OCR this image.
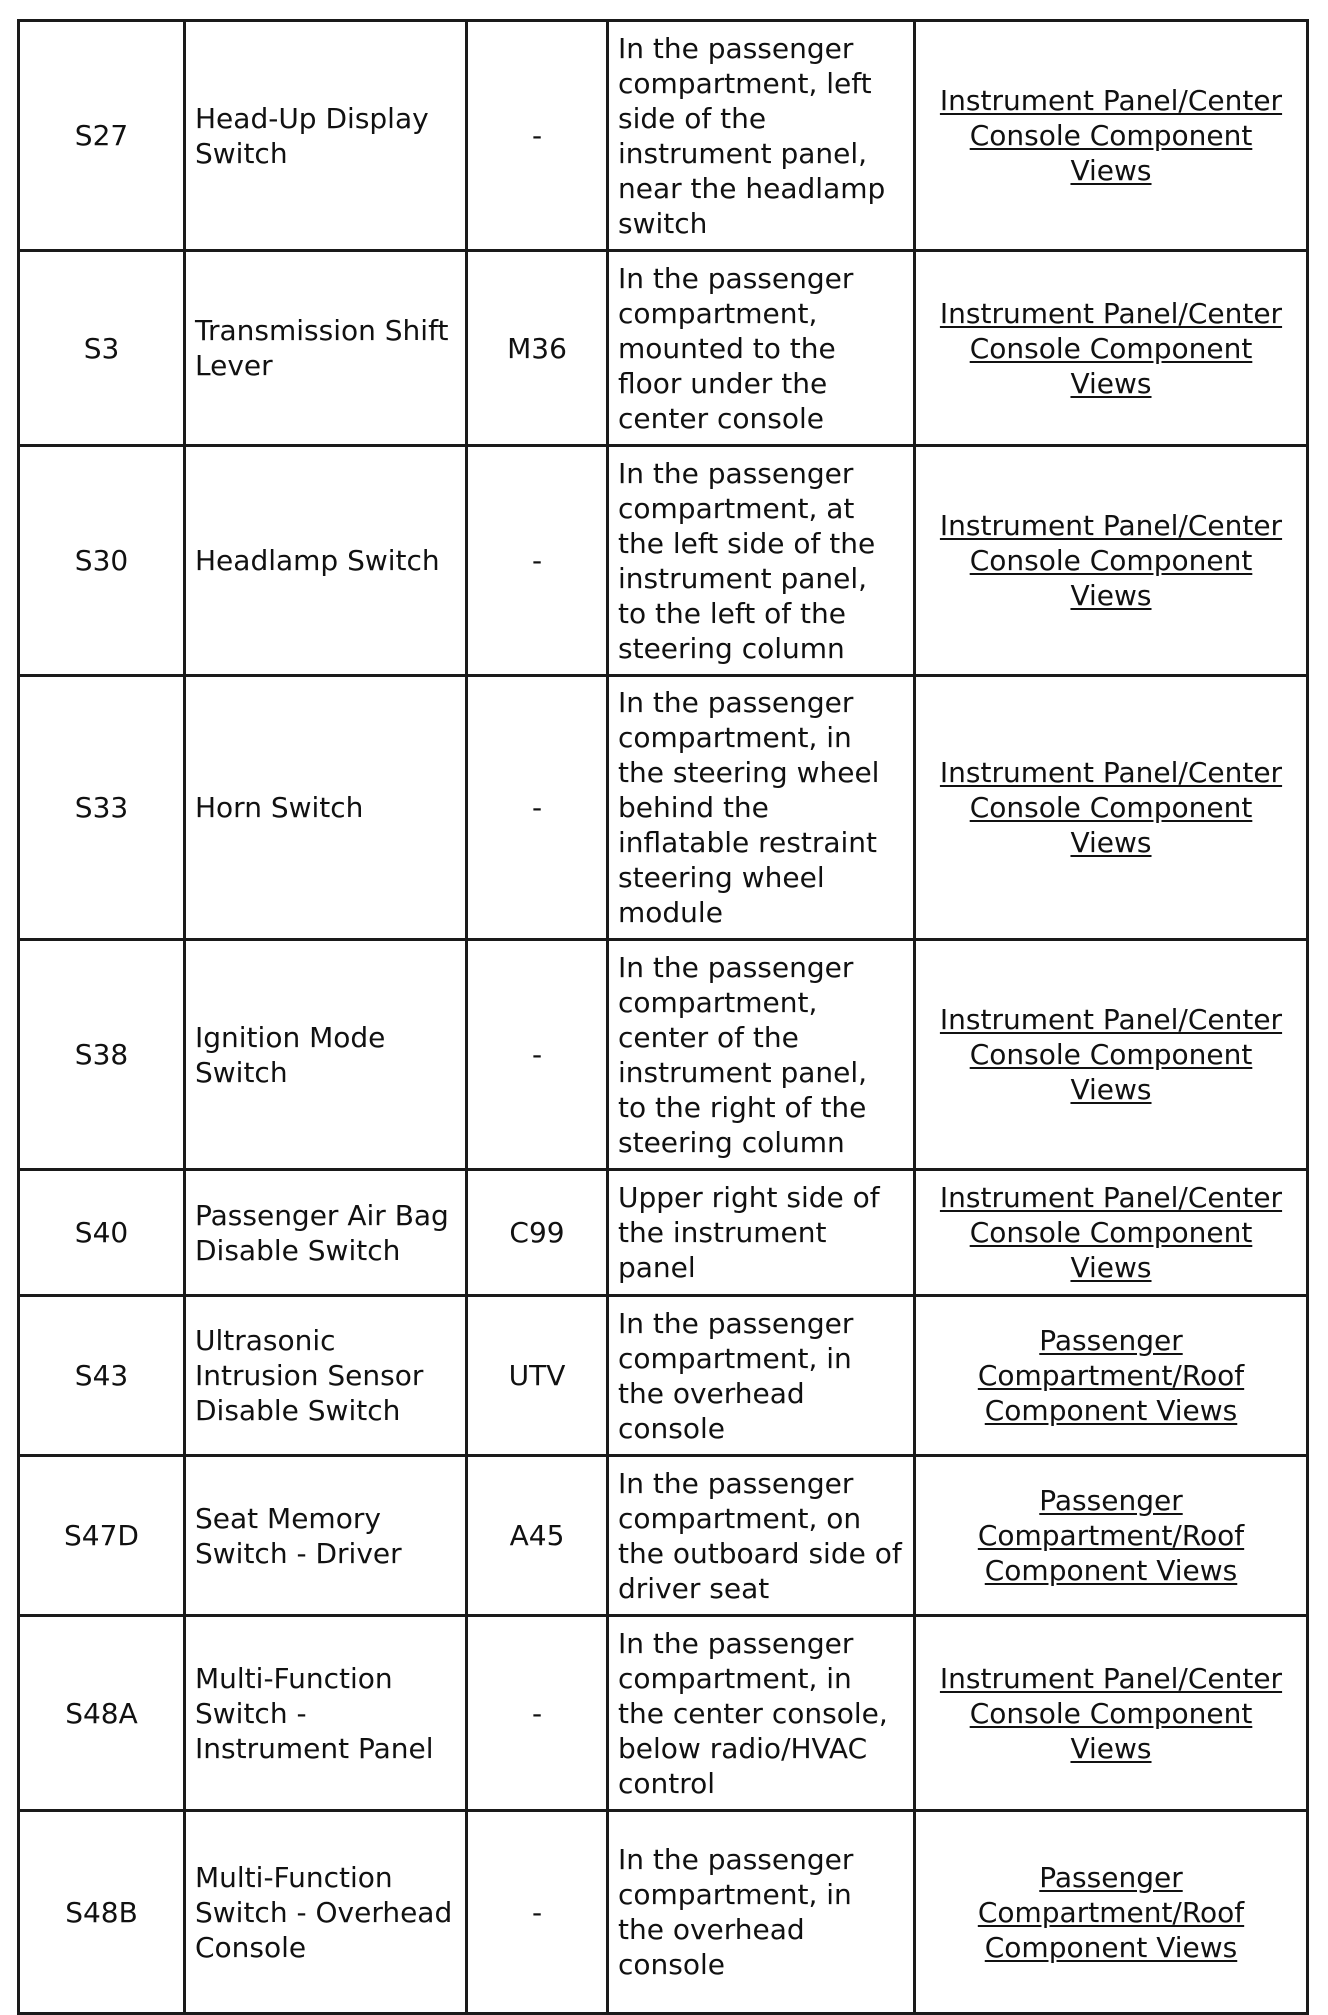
S27	Head-Up Display Switch	-	In the passenger compartment, left side of the instrument panel, near the headlamp switch	Instrument Panel/Center Console Component Views
S3	Transmission Shift Lever	M36	In the passenger compartment, mounted to the floor under the center console	Instrument Panel/Center Console Component Views
S30	Headlamp Switch	-	In the passenger compartment, at the left side of the instrument panel, to the left of the steering column	Instrument Panel/Center Console Component Views
S33	Horn Switch	-	In the passenger compartment, in the steering wheel behind the inflatable restraint steering wheel module	Instrument Panel/Center Console Component Views
S38	Ignition Mode Switch	-	In the passenger compartment, center of the instrument panel, to the right of the steering column	Instrument Panel/Center Console Component Views
S40	Passenger Air Bag Disable Switch	C99	Upper right side of the instrument panel	Instrument Panel/Center Console Component Views
S43	Ultrasonic Intrusion Sensor Disable Switch	UTV	In the passenger compartment, in the overhead console	Passenger Compartment/Roof Component Views
S47D	Seat Memory Switch - Driver	A45	In the passenger compartment, on the outboard side of driver seat	Passenger Compartment/Roof Component Views
S48A	Multi-Function Switch - Instrument Panel	-	In the passenger compartment, in the center console, below radio/HVAC control	Instrument Panel/Center Console Component Views
S48B	Multi-Function Switch - Overhead Console	-	In the passenger compartment, in the overhead console	Passenger Compartment/Roof Component Views
